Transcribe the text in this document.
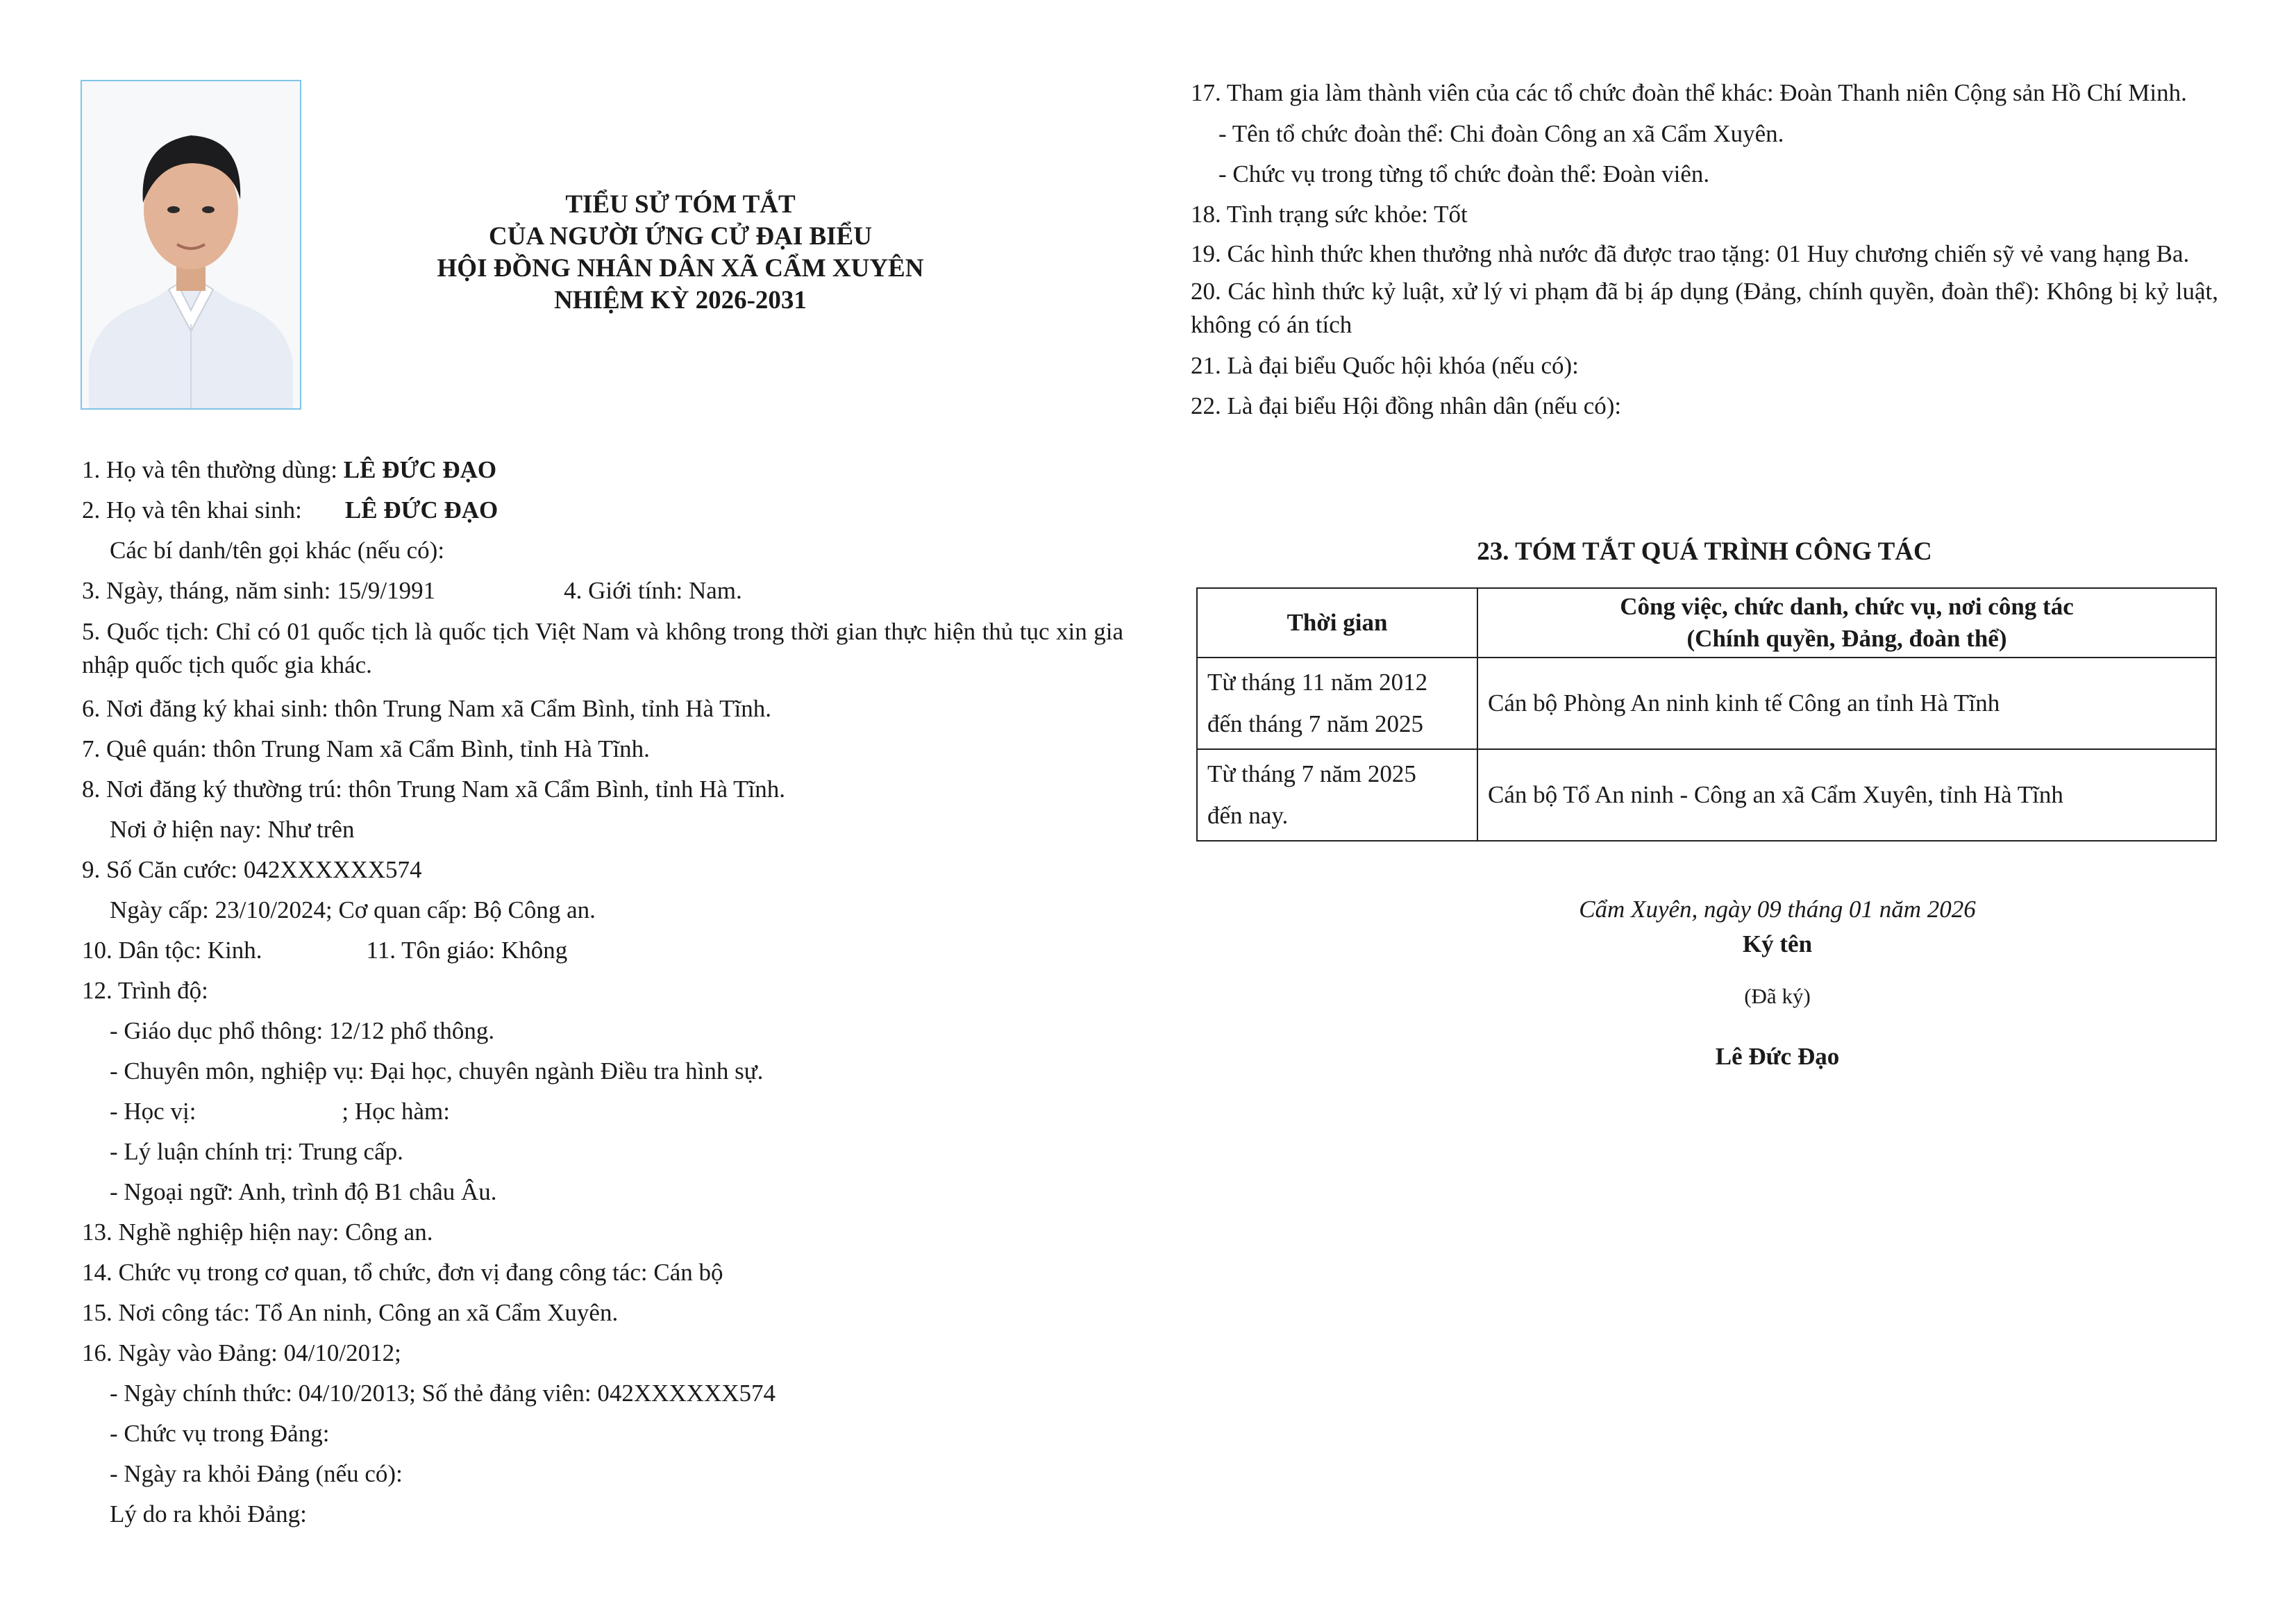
TIỂU SỬ TÓM TẮT
CỦA NGƯỜI ỨNG CỬ ĐẠI BIỂU
HỘI ĐỒNG NHÂN DÂN XÃ CẨM XUYÊN
NHIỆM KỲ 2026-2031
1. Họ và tên thường dùng: LÊ ĐỨC ĐẠO
2. Họ và tên khai sinh: LÊ ĐỨC ĐẠO
Các bí danh/tên gọi khác (nếu có):
3. Ngày, tháng, năm sinh: 15/9/1991	4. Giới tính: Nam.
5. Quốc tịch: Chỉ có 01 quốc tịch là quốc tịch Việt Nam và không trong thời gian thực hiện thủ tục xin gia nhập quốc tịch quốc gia khác.
6. Nơi đăng ký khai sinh: thôn Trung Nam xã Cẩm Bình, tỉnh Hà Tĩnh.
7. Quê quán: thôn Trung Nam xã Cẩm Bình, tỉnh Hà Tĩnh.
8. Nơi đăng ký thường trú: thôn Trung Nam xã Cẩm Bình, tỉnh Hà Tĩnh.
Nơi ở hiện nay: Như trên
9. Số Căn cước: 042XXXXXX574
Ngày cấp: 23/10/2024; Cơ quan cấp: Bộ Công an.
10. Dân tộc: Kinh.	11. Tôn giáo: Không
12. Trình độ:
- Giáo dục phổ thông: 12/12 phổ thông.
- Chuyên môn, nghiệp vụ: Đại học, chuyên ngành Điều tra hình sự.
- Học vị:	; Học hàm:
- Lý luận chính trị: Trung cấp.
- Ngoại ngữ: Anh, trình độ B1 châu Âu.
13. Nghề nghiệp hiện nay: Công an.
14. Chức vụ trong cơ quan, tổ chức, đơn vị đang công tác: Cán bộ
15. Nơi công tác: Tổ An ninh, Công an xã Cẩm Xuyên.
16. Ngày vào Đảng: 04/10/2012;
- Ngày chính thức: 04/10/2013; Số thẻ đảng viên: 042XXXXXX574
- Chức vụ trong Đảng:
- Ngày ra khỏi Đảng (nếu có):
Lý do ra khỏi Đảng:
17. Tham gia làm thành viên của các tổ chức đoàn thể khác: Đoàn Thanh niên Cộng sản Hồ Chí Minh.
- Tên tổ chức đoàn thể: Chi đoàn Công an xã Cẩm Xuyên.
- Chức vụ trong từng tổ chức đoàn thể: Đoàn viên.
18. Tình trạng sức khỏe: Tốt
19. Các hình thức khen thưởng nhà nước đã được trao tặng: 01 Huy chương chiến sỹ vẻ vang hạng Ba.
20. Các hình thức kỷ luật, xử lý vi phạm đã bị áp dụng (Đảng, chính quyền, đoàn thể): Không bị kỷ luật, không có án tích
21. Là đại biểu Quốc hội khóa (nếu có):
22. Là đại biểu Hội đồng nhân dân (nếu có):
23. TÓM TẮT QUÁ TRÌNH CÔNG TÁC
Thời gian	Công việc, chức danh, chức vụ, nơi công tác
(Chính quyền, Đảng, đoàn thể)

Từ tháng 11 năm 2012
đến tháng 7 năm 2025	Cán bộ Phòng An ninh kinh tế Công an tỉnh Hà Tĩnh

Từ tháng 7 năm 2025
đến nay.	Cán bộ Tổ An ninh - Công an xã Cẩm Xuyên, tỉnh Hà Tĩnh
Cẩm Xuyên, ngày 09 tháng 01 năm 2026
Ký tên
(Đã ký)
Lê Đức Đạo
